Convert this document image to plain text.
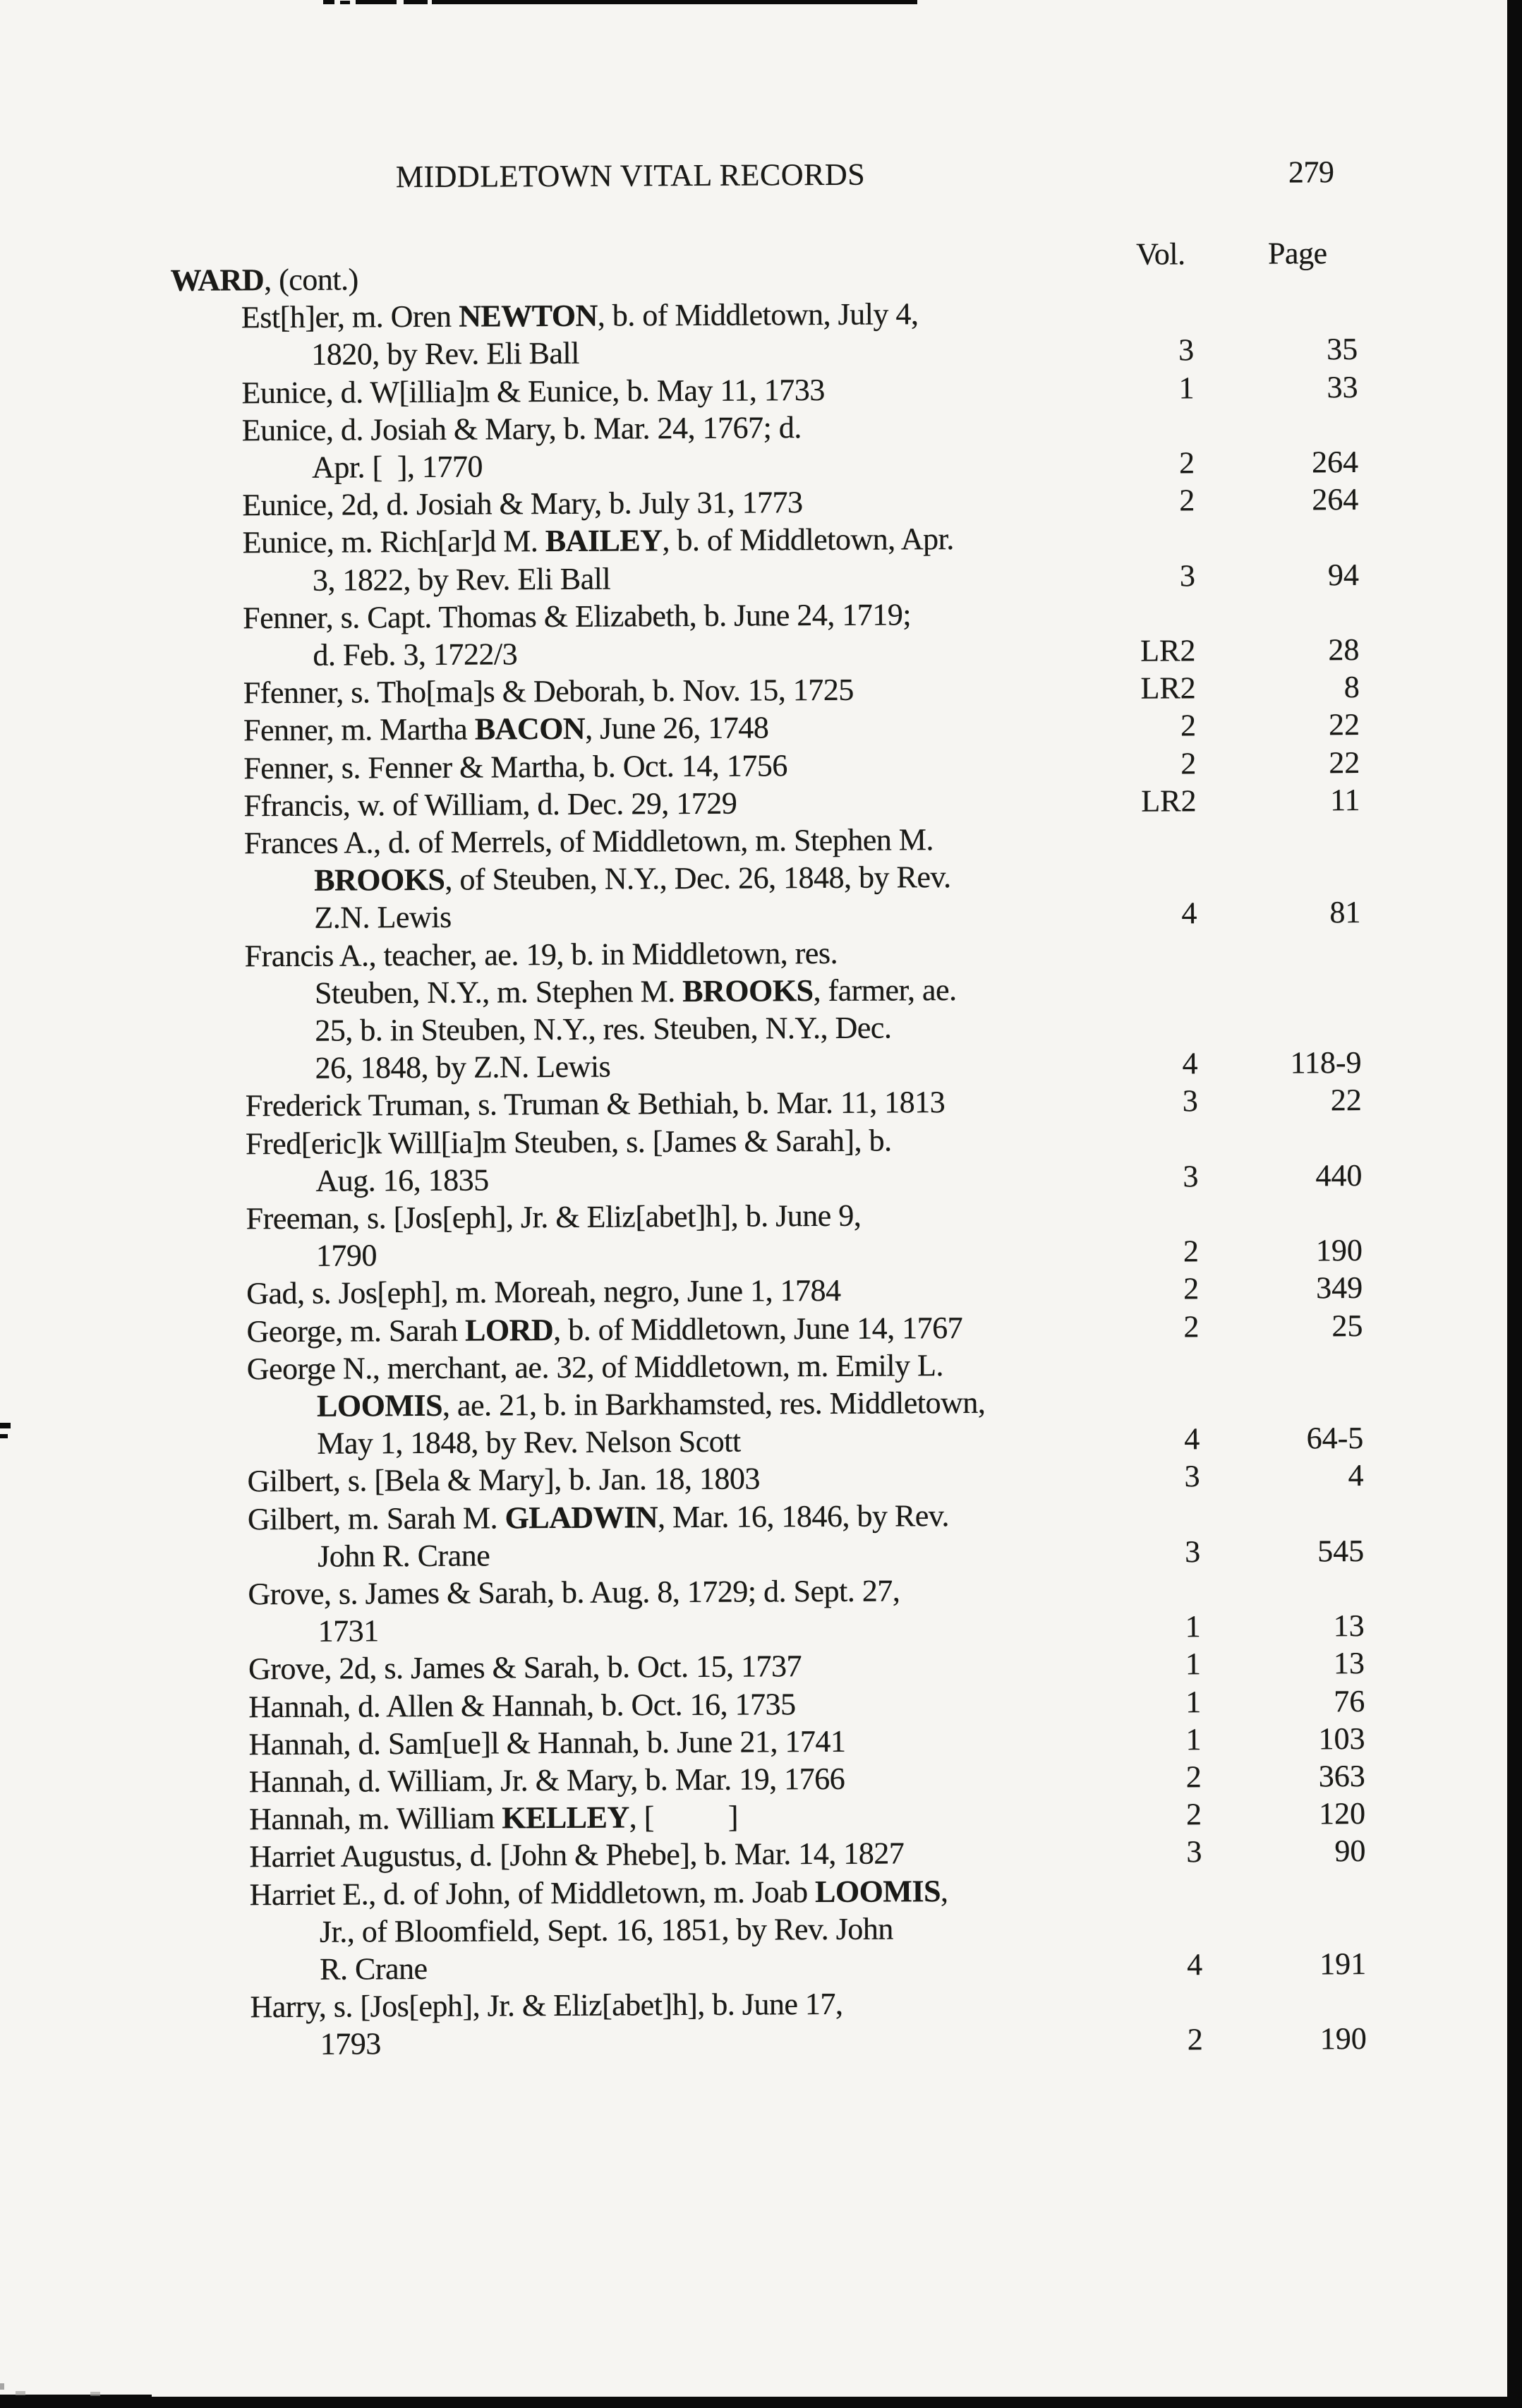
MIDDLETOWN VITAL RECORDS	279
Vol.	Page
WARD, (cont.)
Est[h]er, m. Oren NEWTON, b. of Middletown, July 4,
1820, by Rev. Eli Ball	3	35
Eunice, d. W[illia]m & Eunice, b. May 11, 1733	1	33
Eunice, d. Josiah & Mary, b. Mar. 24, 1767; d.
Apr. [  ], 1770	2	264
Eunice, 2d, d. Josiah & Mary, b. July 31, 1773	2	264
Eunice, m. Rich[ar]d M. BAILEY, b. of Middletown, Apr.
3, 1822, by Rev. Eli Ball	3	94
Fenner, s. Capt. Thomas & Elizabeth, b. June 24, 1719;
d. Feb. 3, 1722/3	LR2	28
Ffenner, s. Tho[ma]s & Deborah, b. Nov. 15, 1725	LR2	8
Fenner, m. Martha BACON, June 26, 1748	2	22
Fenner, s. Fenner & Martha, b. Oct. 14, 1756	2	22
Ffrancis, w. of William, d. Dec. 29, 1729	LR2	11
Frances A., d. of Merrels, of Middletown, m. Stephen M.
BROOKS, of Steuben, N.Y., Dec. 26, 1848, by Rev.
Z.N. Lewis	4	81
Francis A., teacher, ae. 19, b. in Middletown, res.
Steuben, N.Y., m. Stephen M. BROOKS, farmer, ae.
25, b. in Steuben, N.Y., res. Steuben, N.Y., Dec.
26, 1848, by Z.N. Lewis	4	118-9
Frederick Truman, s. Truman & Bethiah, b. Mar. 11, 1813	3	22
Fred[eric]k Will[ia]m Steuben, s. [James & Sarah], b.
Aug. 16, 1835	3	440
Freeman, s. [Jos[eph], Jr. & Eliz[abet]h], b. June 9,
1790	2	190
Gad, s. Jos[eph], m. Moreah, negro, June 1, 1784	2	349
George, m. Sarah LORD, b. of Middletown, June 14, 1767	2	25
George N., merchant, ae. 32, of Middletown, m. Emily L.
LOOMIS, ae. 21, b. in Barkhamsted, res. Middletown,
May 1, 1848, by Rev. Nelson Scott	4	64-5
Gilbert, s. [Bela & Mary], b. Jan. 18, 1803	3	4
Gilbert, m. Sarah M. GLADWIN, Mar. 16, 1846, by Rev.
John R. Crane	3	545
Grove, s. James & Sarah, b. Aug. 8, 1729; d. Sept. 27,
1731	1	13
Grove, 2d, s. James & Sarah, b. Oct. 15, 1737	1	13
Hannah, d. Allen & Hannah, b. Oct. 16, 1735	1	76
Hannah, d. Sam[ue]l & Hannah, b. June 21, 1741	1	103
Hannah, d. William, Jr. & Mary, b. Mar. 19, 1766	2	363
Hannah, m. William KELLEY, [          ]	2	120
Harriet Augustus, d. [John & Phebe], b. Mar. 14, 1827	3	90
Harriet E., d. of John, of Middletown, m. Joab LOOMIS,
Jr., of Bloomfield, Sept. 16, 1851, by Rev. John
R. Crane	4	191
Harry, s. [Jos[eph], Jr. & Eliz[abet]h], b. June 17,
1793	2	190
